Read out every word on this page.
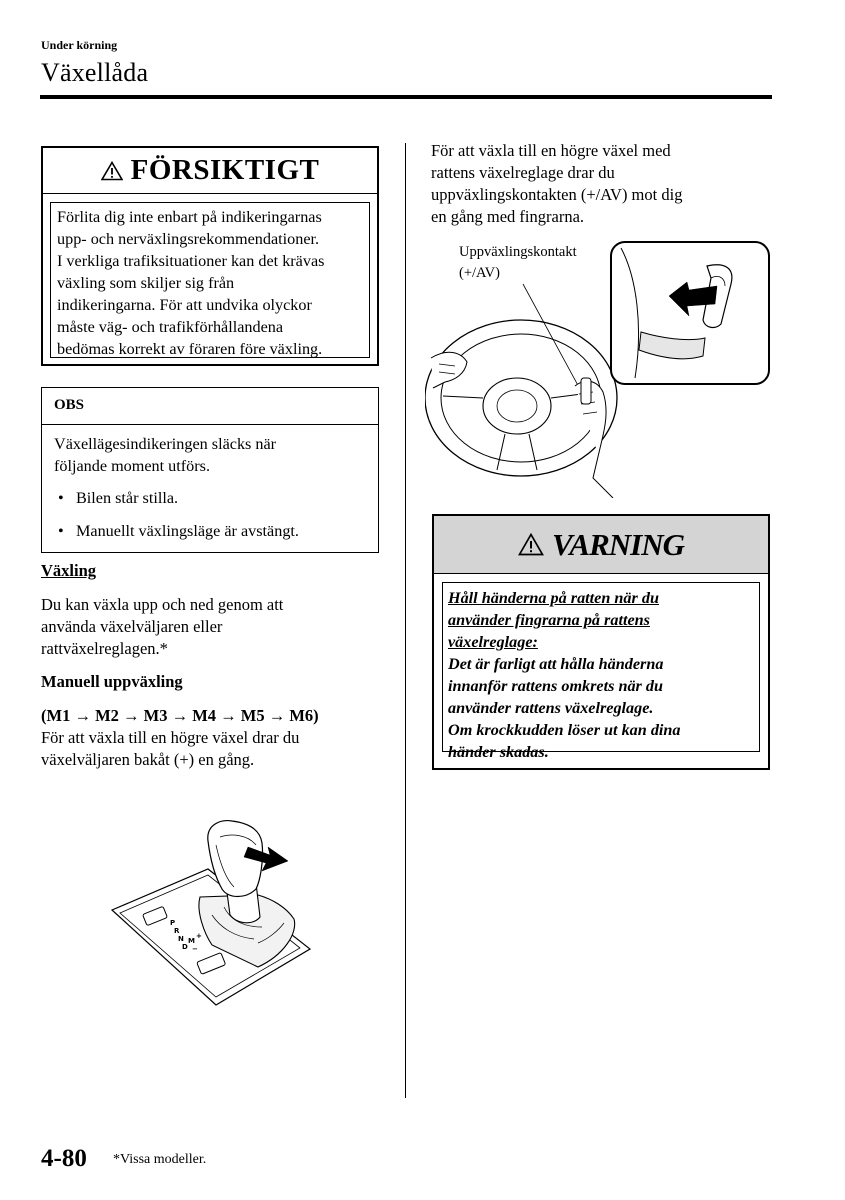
Under körning
Växellåda
FÖRSIKTIGT
Förlita dig inte enbart på indikeringarnas
upp- och nerväxlingsrekommendationer.
I verkliga trafiksituationer kan det krävas
växling som skiljer sig från
indikeringarna. För att undvika olyckor
måste väg- och trafikförhållandena
bedömas korrekt av föraren före växling.
OBS
Växellägesindikeringen släcks när
följande moment utförs.
• Bilen står stilla.
• Manuellt växlingsläge är avstängt.
Växling
Du kan växla upp och ned genom att
använda växelväljaren eller
rattväxelreglagen.*
Manuell uppväxling
(M1 → M2 → M3 → M4 → M5 → M6)
För att växla till en högre växel drar du
växelväljaren bakåt (+) en gång.
P
R
N
D
M
+
−
För att växla till en högre växel med
rattens växelreglage drar du
uppväxlingskontakten (+/AV) mot dig
en gång med fingrarna.
Uppväxlingskontakt
(+/AV)
VARNING
Håll händerna på ratten när du
använder fingrarna på rattens
växelreglage:
Det är farligt att hålla händerna
innanför rattens omkrets när du
använder rattens växelreglage.
Om krockkudden löser ut kan dina
händer skadas.
4-80 *Vissa modeller.
